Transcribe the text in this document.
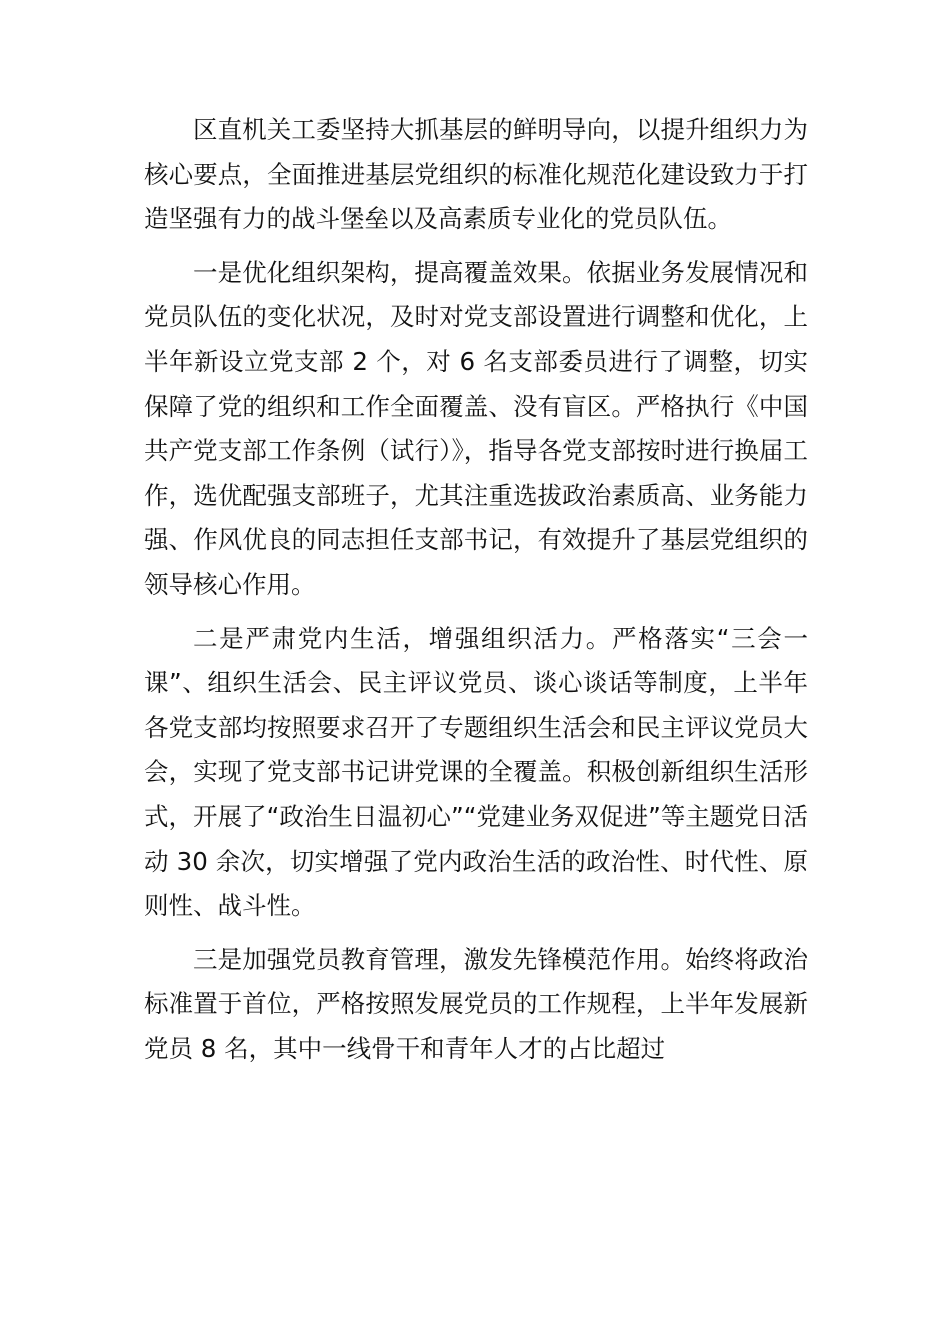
区直机关工委坚持大抓基层的鲜明导向，以提升组织力为核心要点，全面推进基层党组织的标准化规范化建设致力于打造坚强有力的战斗堡垒以及高素质专业化的党员队伍。

一是优化组织架构，提高覆盖效果。依据业务发展情况和党员队伍的变化状况，及时对党支部设置进行调整和优化，上半年新设立党支部 2 个，对 6 名支部委员进行了调整，切实保障了党的组织和工作全面覆盖、没有盲区。严格执行《中国共产党支部工作条例（试行）》，指导各党支部按时进行换届工作，选优配强支部班子，尤其注重选拔政治素质高、业务能力强、作风优良的同志担任支部书记，有效提升了基层党组织的领导核心作用。

二是严肃党内生活，增强组织活力。严格落实“三会一课”、组织生活会、民主评议党员、谈心谈话等制度，上半年各党支部均按照要求召开了专题组织生活会和民主评议党员大会，实现了党支部书记讲党课的全覆盖。积极创新组织生活形式，开展了“政治生日温初心”“党建业务双促进”等主题党日活动 30 余次，切实增强了党内政治生活的政治性、时代性、原则性、战斗性。

三是加强党员教育管理，激发先锋模范作用。始终将政治标准置于首位，严格按照发展党员的工作规程，上半年发展新党员 8 名，其中一线骨干和青年人才的占比超过
